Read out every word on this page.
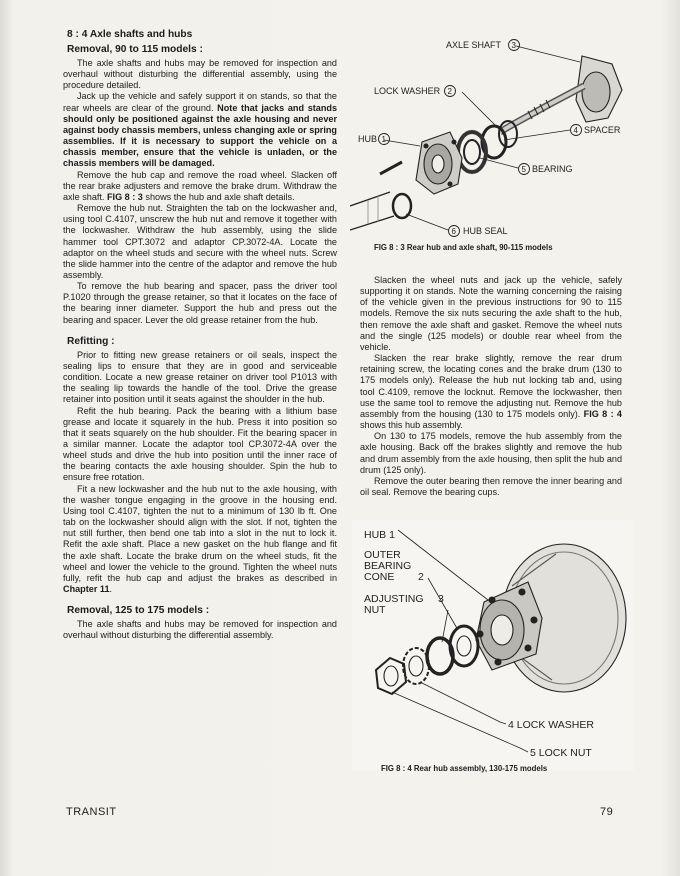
8 : 4 Axle shafts and hubs
Removal, 90 to 115 models :

The axle shafts and hubs may be removed for inspection and overhaul without disturbing the differential assembly, using the procedure detailed.

Jack up the vehicle and safely support it on stands, so that the rear wheels are clear of the ground. Note that jacks and stands should only be positioned against the axle housing and never against body chassis members, unless changing axle or spring assemblies. If it is necessary to support the vehicle on a chassis member, ensure that the vehicle is unladen, or the chassis members will be damaged.

Remove the hub cap and remove the road wheel. Slacken off the rear brake adjusters and remove the brake drum. Withdraw the axle shaft. FIG 8 : 3 shows the hub and axle shaft details.

Remove the hub nut. Straighten the tab on the lockwasher and, using tool C.4107, unscrew the hub nut and remove it together with the lockwasher. Withdraw the hub assembly, using the slide hammer tool CPT.3072 and adaptor CP.3072-4A. Locate the adaptor on the wheel studs and secure with the wheel nuts. Screw the slide hammer into the centre of the adaptor and remove the hub assembly.

To remove the hub bearing and spacer, pass the driver tool P.1020 through the grease retainer, so that it locates on the face of the bearing inner diameter. Support the hub and press out the bearing and spacer. Lever the old grease retainer from the hub.

Refitting :

Prior to fitting new grease retainers or oil seals, inspect the sealing lips to ensure that they are in good and serviceable condition. Locate a new grease retainer on driver tool P1013 with the sealing lip towards the handle of the tool. Drive the grease retainer into position until it seats against the shoulder in the hub.

Refit the hub bearing. Pack the bearing with a lithium base grease and locate it squarely in the hub. Press it into position so that it seats squarely on the hub shoulder. Fit the bearing spacer in a similar manner. Locate the adaptor tool CP.3072-4A over the wheel studs and drive the hub into position until the inner race of the bearing contacts the axle housing shoulder. Spin the hub to ensure free rotation.

Fit a new lockwasher and the hub nut to the axle housing, with the washer tongue engaging in the groove in the housing end. Using tool C.4107, tighten the nut to a minimum of 130 lb ft. One tab on the lockwasher should align with the slot. If not, tighten the nut still further, then bend one tab into a slot in the nut to lock it. Refit the axle shaft. Place a new gasket on the hub flange and fit the axle shaft. Locate the brake drum on the wheel studs, fit the wheel and lower the vehicle to the ground. Tighten the wheel nuts fully, refit the hub cap and adjust the brakes as described in Chapter 11.

Removal, 125 to 175 models :

The axle shafts and hubs may be removed for inspection and overhaul without disturbing the differential assembly.

AXLE SHAFT 3
LOCK WASHER 2
4 SPACER
HUB 1
5 BEARING
6 HUB SEAL
FIG 8 : 3 Rear hub and axle shaft, 90-115 models

Slacken the wheel nuts and jack up the vehicle, safely supporting it on stands. Note the warning concerning the raising of the vehicle given in the previous instructions for 90 to 115 models. Remove the six nuts securing the axle shaft to the hub, then remove the axle shaft and gasket. Remove the wheel nuts and the single (125 models) or double rear wheel from the vehicle.

Slacken the rear brake slightly, remove the rear drum retaining screw, the locating cones and the brake drum (130 to 175 models only). Release the hub nut locking tab and, using tool C.4109, remove the locknut. Remove the lockwasher, then use the same tool to remove the adjusting nut. Remove the hub assembly from the housing (130 to 175 models only). FIG 8 : 4 shows this hub assembly.

On 130 to 175 models, remove the hub assembly from the axle housing. Back off the brakes slightly and remove the hub and drum assembly from the axle housing, then split the hub and drum (125 only).

Remove the outer bearing then remove the inner bearing and oil seal. Remove the bearing cups.

HUB 1
OUTER
BEARING
CONE 2
ADJUSTING 3
NUT
4 LOCK WASHER
5 LOCK NUT
FIG 8 : 4 Rear hub assembly, 130-175 models
TRANSIT	79
